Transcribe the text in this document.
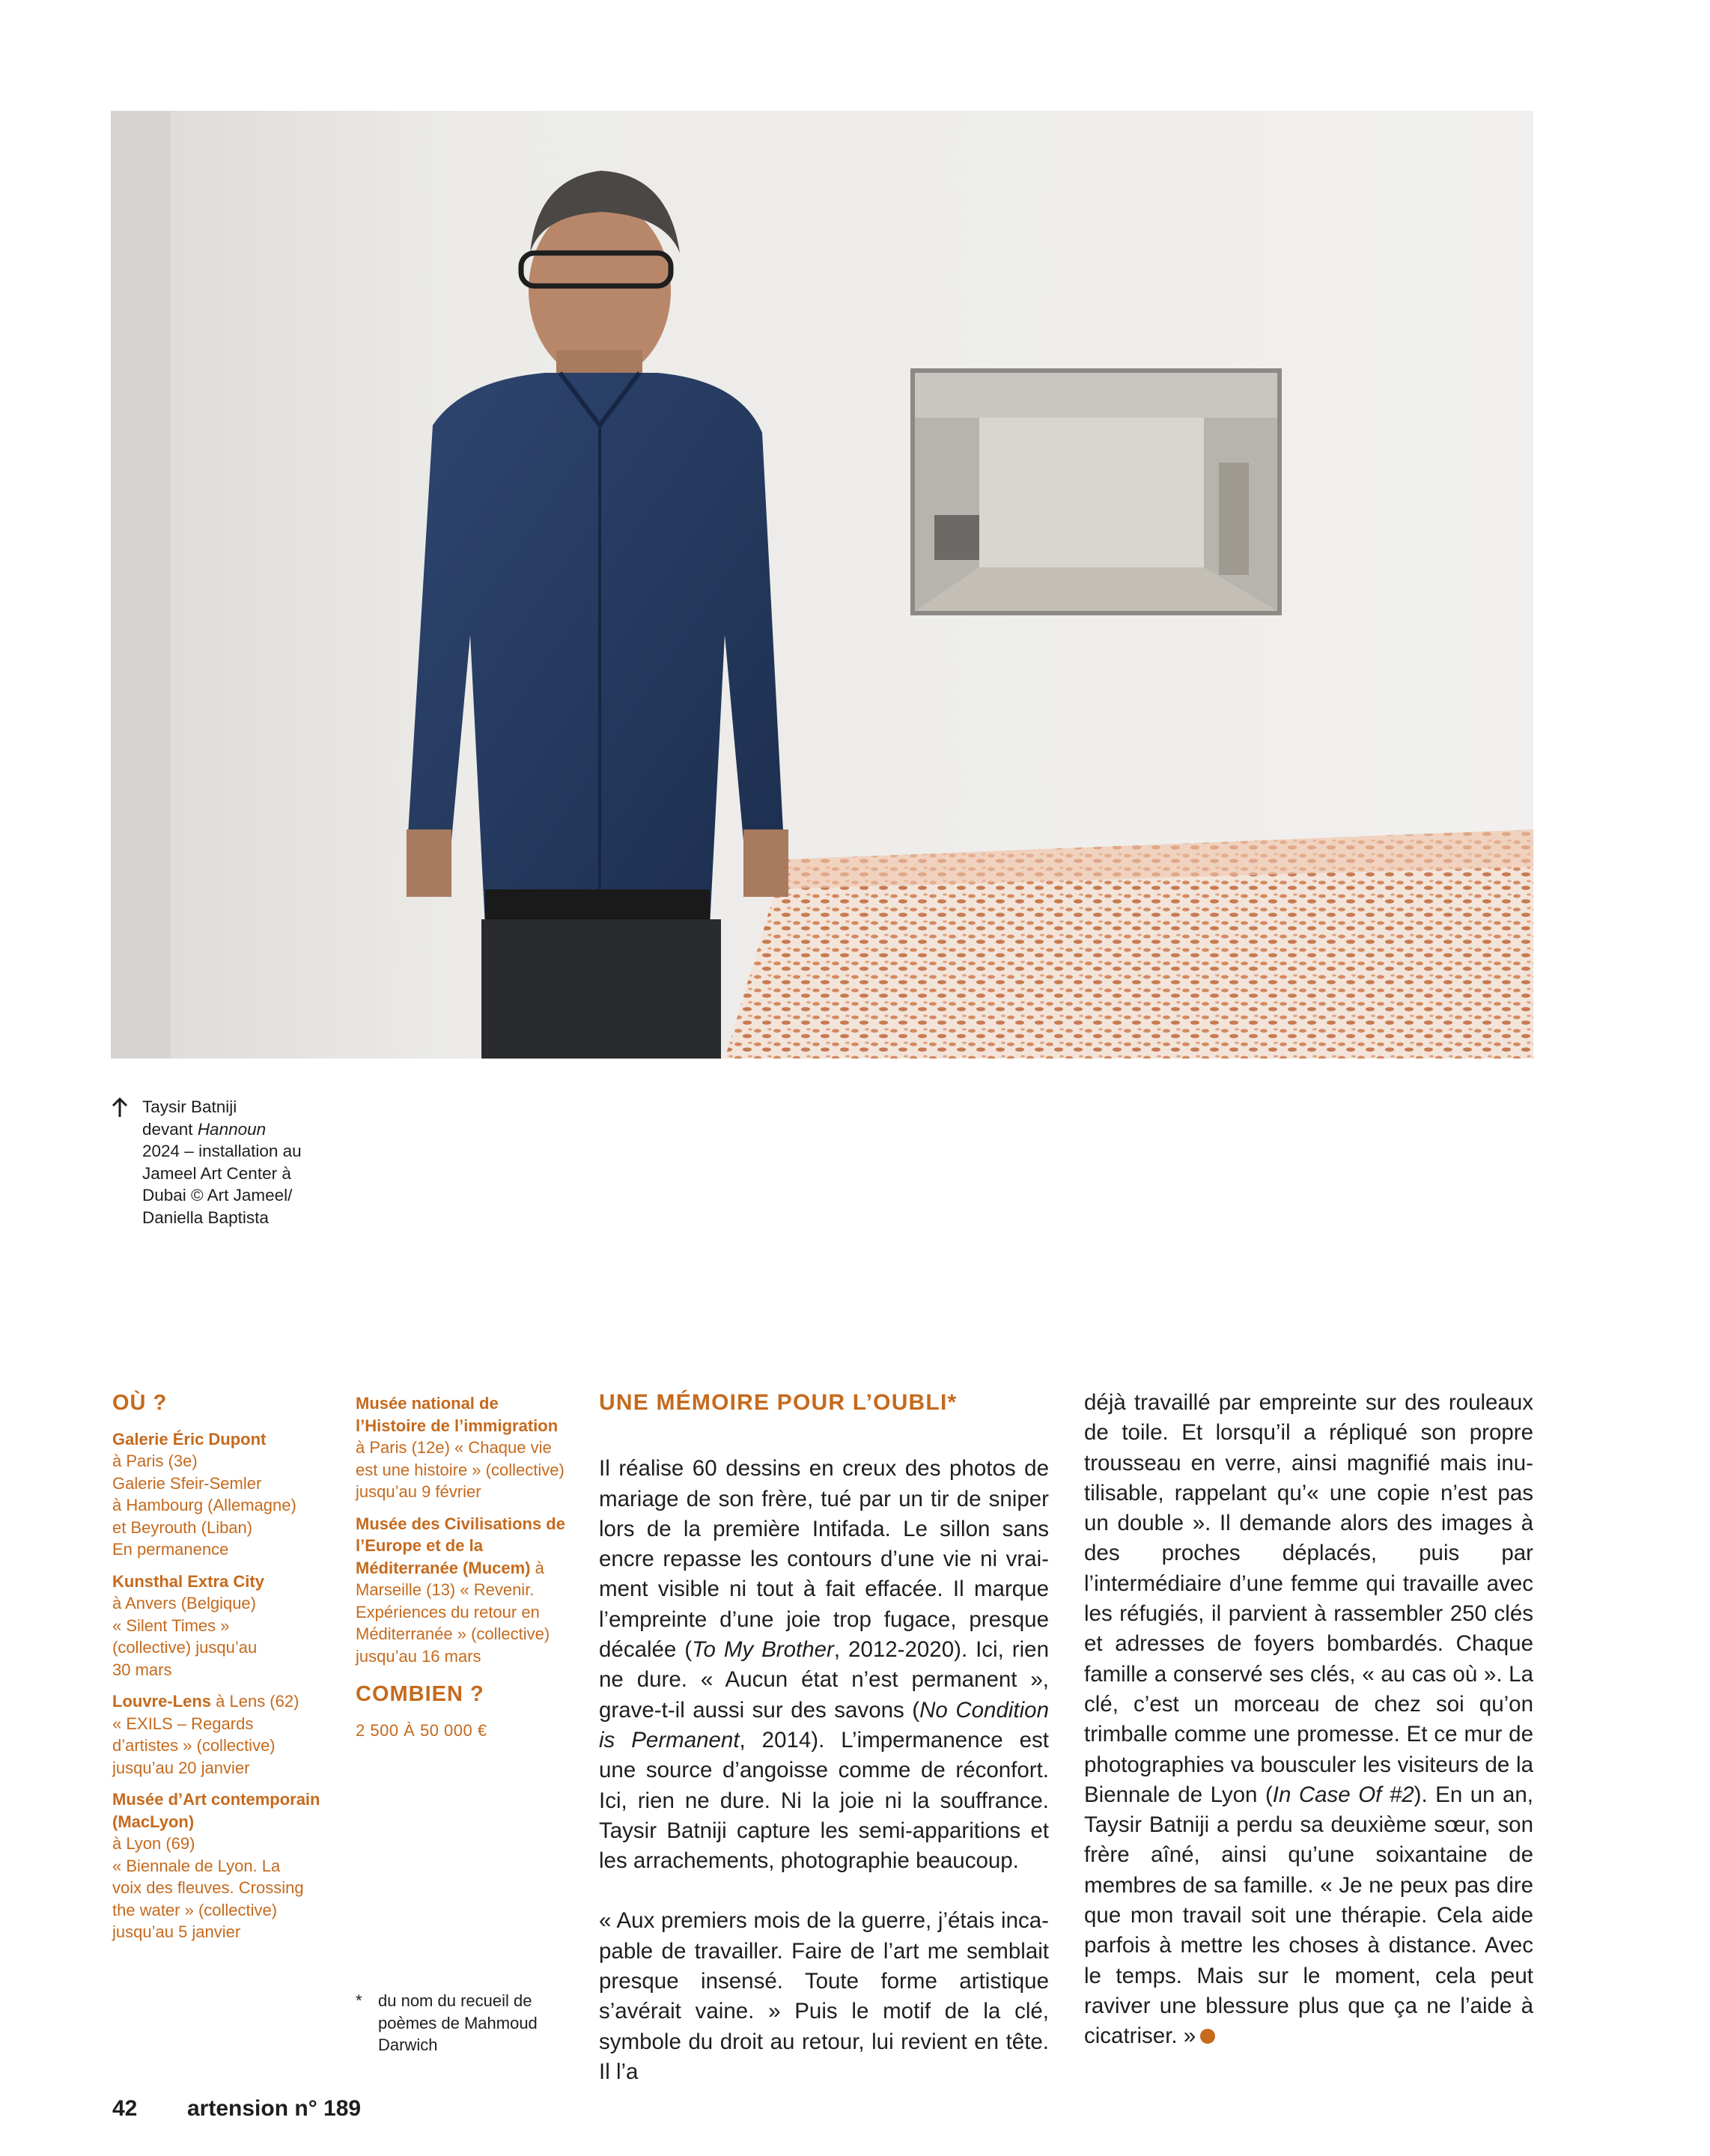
Taysir Batniji
devant Hannoun
2024 – installation au
Jameel Art Center à
Dubai © Art Jameel/
Daniella Baptista
OÙ ?
Galerie Éric Dupont
à Paris (3e)
Galerie Sfeir-Semler
à Hambourg (Allemagne)
et Beyrouth (Liban)
En permanence
Kunsthal Extra City
à Anvers (Belgique)
« Silent Times »
(collective) jusqu’au
30 mars
Louvre-Lens à Lens (62)
« EXILS – Regards
d’artistes » (collective)
jusqu’au 20 janvier
Musée d’Art contemporain (MacLyon)
à Lyon (69)
« Biennale de Lyon. La
voix des fleuves. Crossing
the water » (collective)
jusqu’au 5 janvier
Musée national de l’Histoire de l’immigration à Paris (12e) « Chaque vie est une histoire » (collective) jusqu’au 9 février
Musée des Civilisations de l’Europe et de la Méditerranée (Mucem) à Marseille (13) « Revenir. Expériences du retour en Méditerranée » (collective) jusqu’au 16 mars
COMBIEN ?
2 500 À 50 000 €
* du nom du recueil de poèmes de Mahmoud Darwich
UNE MÉMOIRE POUR L’OUBLI*

Il réalise 60 dessins en creux des photos de mariage de son frère, tué par un tir de sniper lors de la première Intifada. Le sillon sans encre repasse les contours d’une vie ni vraiment visible ni tout à fait effacée. Il marque l’empreinte d’une joie trop fugace, presque décalée (To My Brother, 2012-2020). Ici, rien ne dure. « Aucun état n’est permanent », grave-t-il aussi sur des savons (No Condition is Permanent, 2014). L’impermanence est une source d’angoisse comme de réconfort. Ici, rien ne dure. Ni la joie ni la souffrance. Taysir Batniji capture les semi-apparitions et les arrachements, photographie beaucoup.

« Aux premiers mois de la guerre, j’étais incapable de travailler. Faire de l’art me semblait presque insensé. Toute forme artistique s’avérait vaine. » Puis le motif de la clé, symbole du droit au retour, lui revient en tête. Il l’a

déjà travaillé par empreinte sur des rouleaux de toile. Et lorsqu’il a répliqué son propre trousseau en verre, ainsi magnifié mais inutilisable, rappelant qu’« une copie n’est pas un double ». Il demande alors des images à des proches déplacés, puis par l’intermédiaire d’une femme qui travaille avec les réfugiés, il parvient à rassembler 250 clés et adresses de foyers bombardés. Chaque famille a conservé ses clés, « au cas où ». La clé, c’est un morceau de chez soi qu’on trimballe comme une promesse. Et ce mur de photographies va bousculer les visiteurs de la Biennale de Lyon (In Case Of #2). En un an, Taysir Batniji a perdu sa deuxième sœur, son frère aîné, ainsi qu’une soixantaine de membres de sa famille. « Je ne peux pas dire que mon travail soit une thérapie. Cela aide parfois à mettre les choses à distance. Avec le temps. Mais sur le moment, cela peut raviver une blessure plus que ça ne l’aide à cicatriser. »

42 artension n° 189
